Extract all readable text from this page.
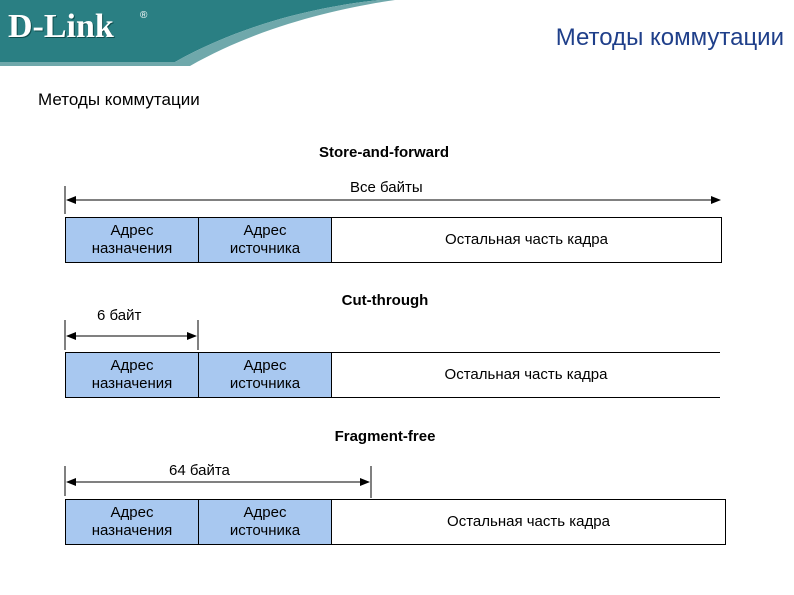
D-Link	®
Методы коммутации
Методы коммутации
Store-and-forward
Все байты
Адрес
назначения
Адрес
источника
Остальная часть кадра
Cut-through
6 байт
Адрес
назначения
Адрес
источника
Остальная часть кадра
Fragment-free
64 байта
Адрес
назначения
Адрес
источника
Остальная часть кадра
